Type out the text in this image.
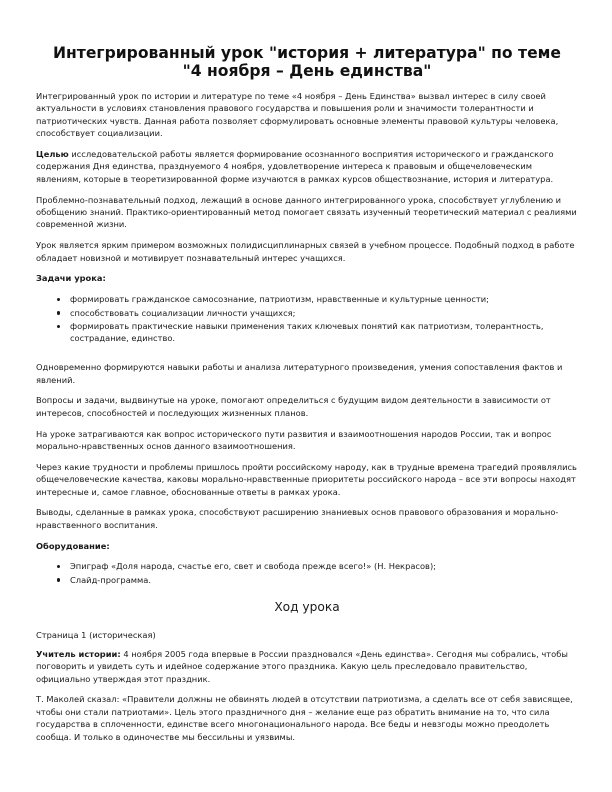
Интегрированный урок "история + литература" по теме
"4 ноября – День единства"

Интегрированный урок по истории и литературе по теме «4 ноября – День Единства» вызвал интерес в силу своей актуальности в условиях становления правового государства и повышения роли и значимости толерантности и патриотических чувств. Данная работа позволяет сформулировать основные элементы правовой культуры человека, способствует социализации.

Целью исследовательской работы является формирование осознанного восприятия исторического и гражданского содержания Дня единства, празднуемого 4 ноября, удовлетворение интереса к правовым и общечеловеческим явлениям, которые в теоретизированной форме изучаются в рамках курсов обществознание, история и литература.

Проблемно-познавательный подход, лежащий в основе данного интегрированного урока, способствует углублению и обобщению знаний. Практико-ориентированный метод помогает связать изученный теоретический материал с реалиями современной жизни.

Урок является ярким примером возможных полидисциплинарных связей в учебном процессе. Подобный подход в работе обладает новизной и мотивирует познавательный интерес учащихся.

Задачи урока:

формировать гражданское самосознание, патриотизм, нравственные и культурные ценности;
способствовать социализации личности учащихся;
формировать практические навыки применения таких ключевых понятий как патриотизм, толерантность, сострадание, единство.

Одновременно формируются навыки работы и анализа литературного произведения, умения сопоставления фактов и явлений.

Вопросы и задачи, выдвинутые на уроке, помогают определиться с будущим видом деятельности в зависимости от интересов, способностей и последующих жизненных планов.

На уроке затрагиваются как вопрос исторического пути развития и взаимоотношения народов России, так и вопрос морально-нравственных основ данного взаимоотношения.

Через какие трудности и проблемы пришлось пройти российскому народу, как в трудные времена трагедий проявлялись общечеловеческие качества, каковы морально-нравственные приоритеты российского народа – все эти вопросы находят интересные и, самое главное, обоснованные ответы в рамках урока.

Выводы, сделанные в рамках урока, способствуют расширению знаниевых основ правового образования и морально-нравственного воспитания.

Оборудование:

Эпиграф «Доля народа, счастье его, свет и свобода прежде всего!» (Н. Некрасов);
Слайд-программа.
Ход урока

Страница 1 (историческая)

Учитель истории: 4 ноября 2005 года впервые в России праздновался «День единства». Сегодня мы собрались, чтобы поговорить и увидеть суть и идейное содержание этого праздника. Какую цель преследовало правительство, официально утверждая этот праздник.

Т. Маколей сказал: «Правители должны не обвинять людей в отсутствии патриотизма, а сделать все от себя зависящее, чтобы они стали патриотами». Цель этого праздничного дня – желание еще раз обратить внимание на то, что сила государства в сплоченности, единстве всего многонационального народа. Все беды и невзгоды можно преодолеть сообща. И только в одиночестве мы бессильны и уязвимы.
